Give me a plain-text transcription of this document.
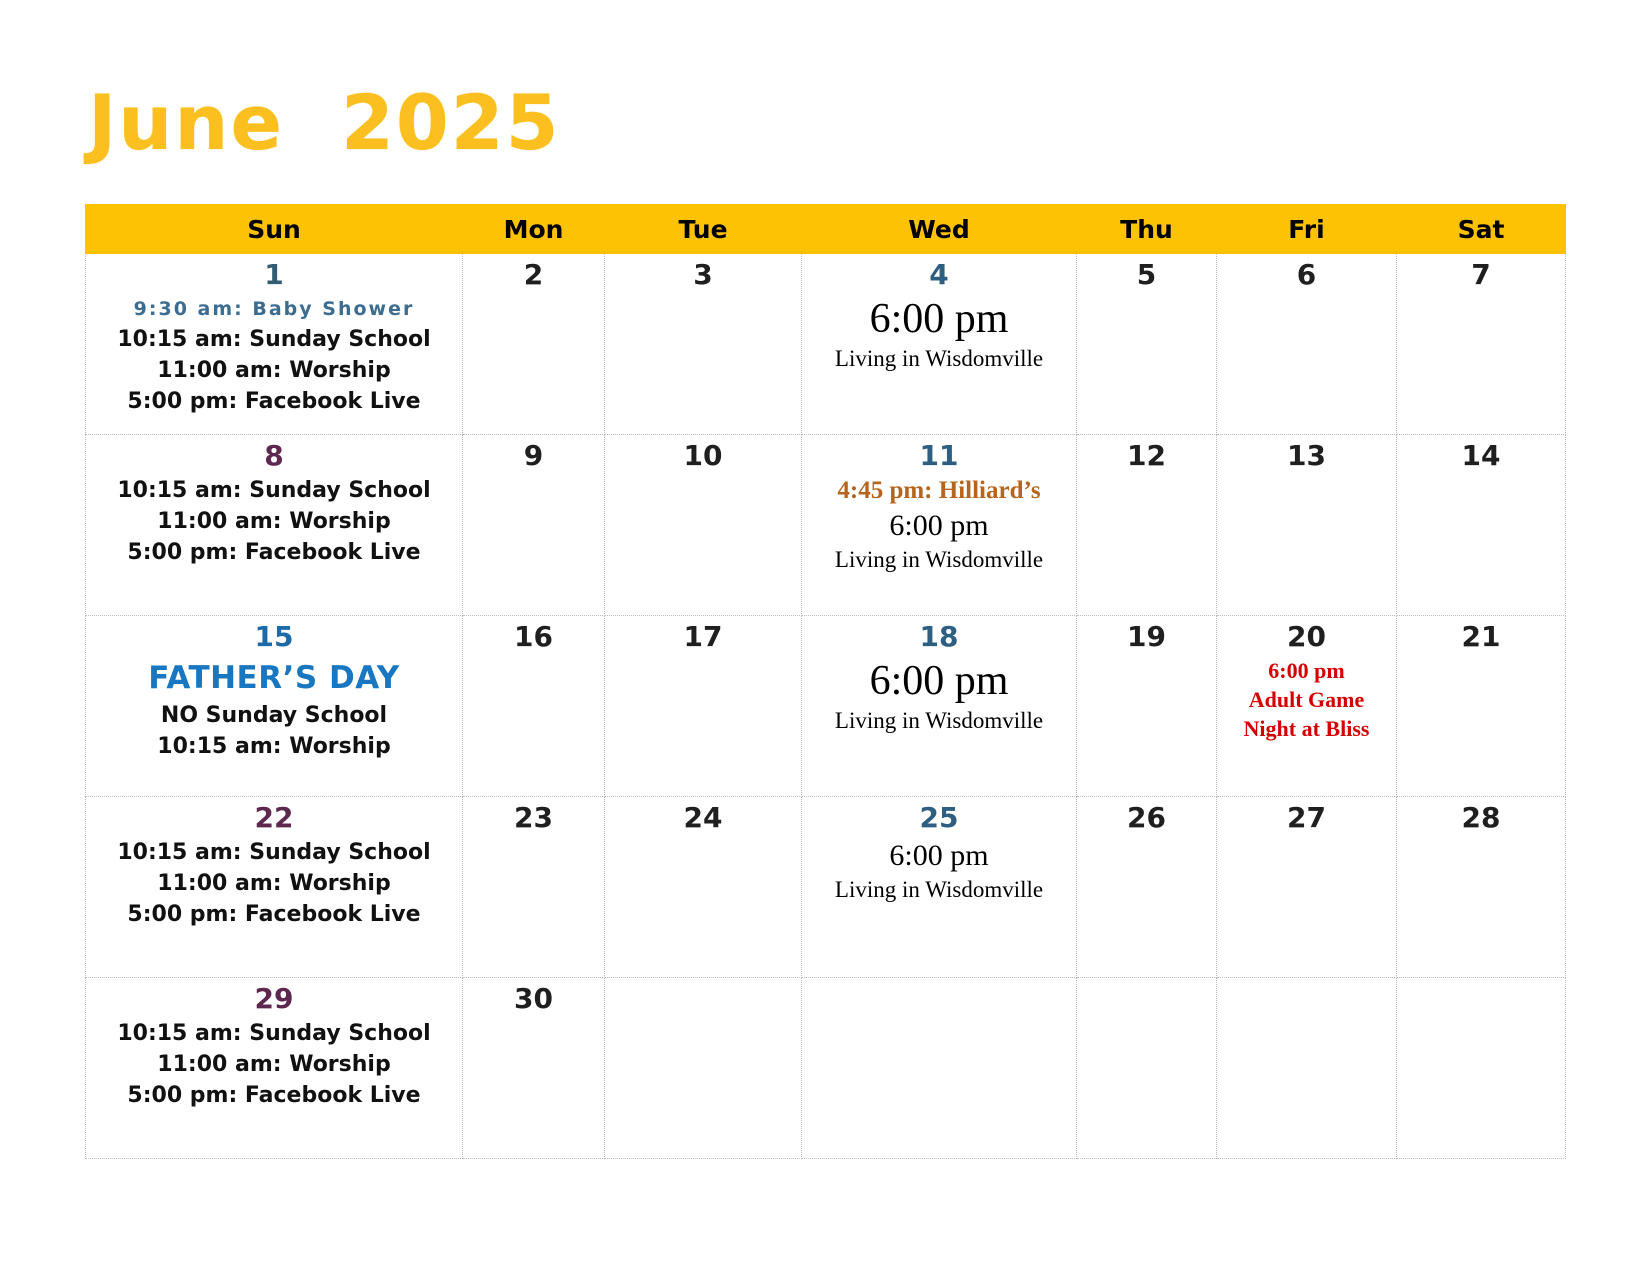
June  2025
Sun	Mon	Tue	Wed	Thu	Fri	Sat

1
9:30 am: Baby Shower
10:15 am: Sunday School
11:00 am: Worship
5:00 pm: Facebook Live	2	3	4
6:00 pm
Living in Wisdomville	5	6	7

8
10:15 am: Sunday School
11:00 am: Worship
5:00 pm: Facebook Live	9	10	11
4:45 pm: Hilliard’s
6:00 pm
Living in Wisdomville	12	13	14

15
FATHER’S DAY
NO Sunday School
10:15 am: Worship	16	17	18
6:00 pm
Living in Wisdomville	19	20
6:00 pm
Adult Game
Night at Bliss	21

22
10:15 am: Sunday School
11:00 am: Worship
5:00 pm: Facebook Live	23	24	25
6:00 pm
Living in Wisdomville	26	27	28

29
10:15 am: Sunday School
11:00 am: Worship
5:00 pm: Facebook Live	30					
